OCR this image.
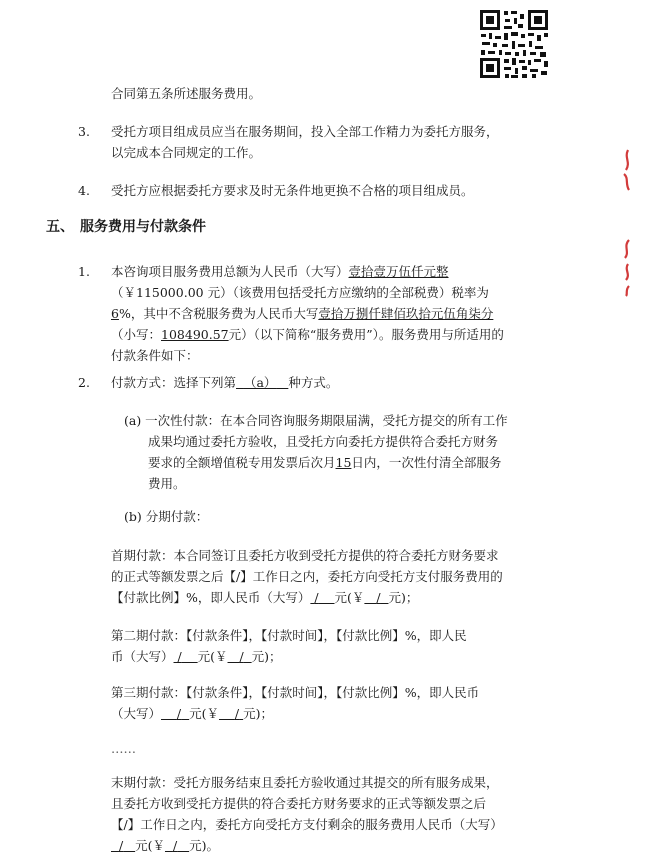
合同第五条所述服务费用。
3. 受托方项目组成员应当在服务期间，投入全部工作精力为委托方服务，
以完成本合同规定的工作。
4. 受托方应根据委托方要求及时无条件地更换不合格的项目组成员。
五、 服务费用与付款条件
1. 本咨询项目服务费用总额为人民币（大写）壹拾壹万伍仟元整
（￥115000.00 元）（该费用包括受托方应缴纳的全部税费）税率为
6%，其中不含税服务费为人民币大写壹拾万捌仟肆佰玖拾元伍角柒分
（小写：108490.57元）（以下简称“服务费用”）。服务费用与所适用的
付款条件如下：
2. 付款方式：选择下列第 （a） 种方式。
(a) 一次性付款：在本合同咨询服务期限届满，受托方提交的所有工作
成果均通过委托方验收，且受托方向委托方提供符合委托方财务
要求的全额增值税专用发票后次月15日内，一次性付清全部服务
费用。
(b) 分期付款：
首期付款：本合同签订且委托方收到受托方提供的符合委托方财务要求
的正式等额发票之后【/】工作日之内，委托方向受托方支付服务费用的
【付款比例】%，即人民币（大写） / 元(￥ / 元)；
第二期付款：【付款条件】，【付款时间】，【付款比例】%，即人民
币（大写） / 元(￥ / 元)；
第三期付款：【付款条件】，【付款时间】，【付款比例】%，即人民币
（大写） / 元(￥ / 元)；
……
末期付款：受托方服务结束且委托方验收通过其提交的所有服务成果，
且委托方收到受托方提供的符合委托方财务要求的正式等额发票之后
【/】工作日之内，委托方向受托方支付剩余的服务费用人民币（大写）
/ 元(￥ / 元)。
